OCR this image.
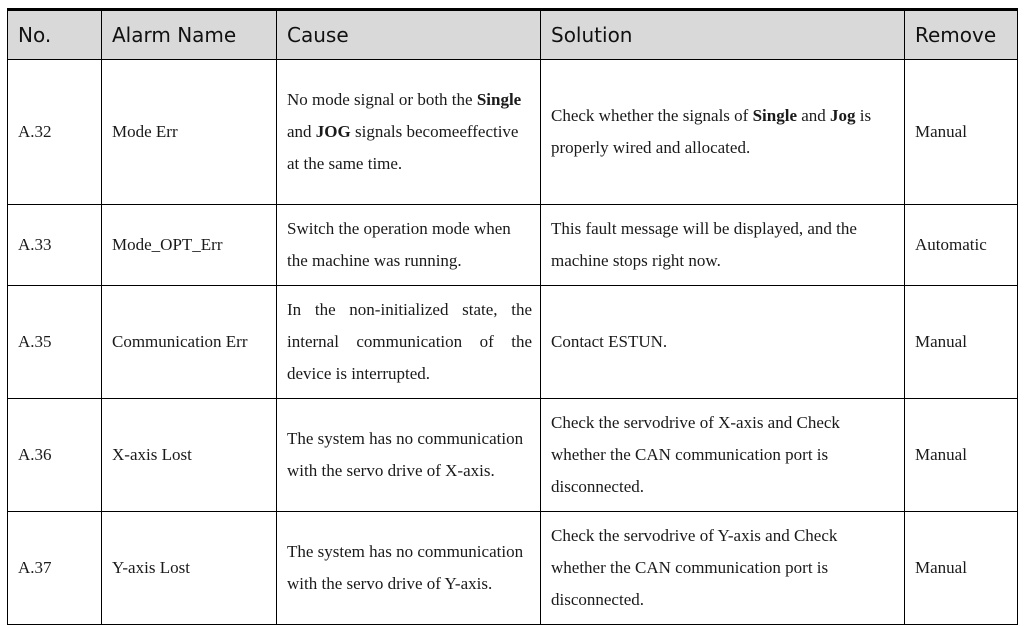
No.	Alarm Name	Cause	Solution	Remove
A.32	Mode Err	No mode signal or both the Single and JOG signals becomeeffective at the same time.	Check whether the signals of Single and Jog is properly wired and allocated.	Manual
A.33	Mode_OPT_Err	Switch the operation mode when the machine was running.	This fault message will be displayed, and the machine stops right now.	Automatic
A.35	Communication Err	In the non-initialized state, the internal communication of the device is interrupted.	Contact ESTUN.	Manual
A.36	X-axis Lost	The system has no communication with the servo drive of X-axis.	Check the servodrive of X-axis and Check whether the CAN communication port is disconnected.	Manual
A.37	Y-axis Lost	The system has no communication with the servo drive of Y-axis.	Check the servodrive of Y-axis and Check whether the CAN communication port is disconnected.	Manual
